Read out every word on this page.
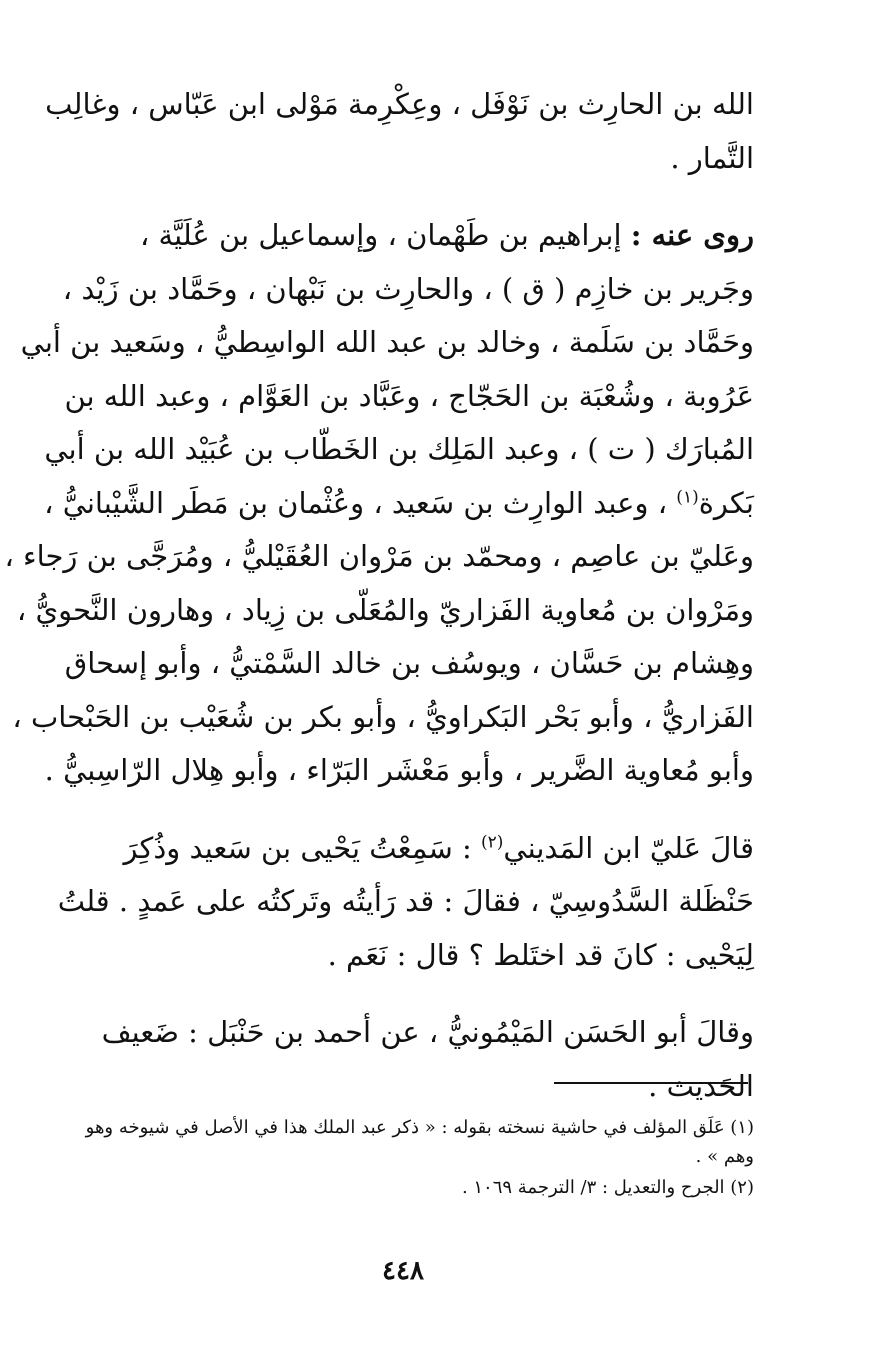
الله بن الحارِث بن نَوْفَل ، وعِكْرِمة مَوْلى ابن عَبّاس ، وغالِب
التَّمار .
روى عنه : إبراهيم بن طَهْمان ، وإسماعيل بن عُلَيَّة ،
وجَرير بن خازِم ( ق ) ، والحارِث بن نَبْهان ، وحَمَّاد بن زَيْد ،
وحَمَّاد بن سَلَمة ، وخالد بن عبد الله الواسِطيُّ ، وسَعيد بن أبي
عَرُوبة ، وشُعْبَة بن الحَجّاج ، وعَبَّاد بن العَوَّام ، وعبد الله بن
المُبارَك ( ت ) ، وعبد المَلِك بن الخَطّاب بن عُبَيْد الله بن أبي
بَكرة$^{(١)}$ ، وعبد الوارِث بن سَعيد ، وعُثْمان بن مَطَر الشَّيْبانيُّ ،
وعَليّ بن عاصِم ، ومحمّد بن مَرْوان العُقَيْليُّ ، ومُرَجَّى بن رَجاء ،
ومَرْوان بن مُعاوية الفَزاريّ والمُعَلّى بن زِياد ، وهارون النَّحويُّ ،
وهِشام بن حَسَّان ، ويوسُف بن خالد السَّمْتيُّ ، وأبو إسحاق
الفَزاريُّ ، وأبو بَحْر البَكراويُّ ، وأبو بكر بن شُعَيْب بن الحَبْحاب ،
وأبو مُعاوية الضَّرير ، وأبو مَعْشَر البَرّاء ، وأبو هِلال الرّاسِبيُّ .
قالَ عَليّ ابن المَديني$^{(٢)}$ : سَمِعْتُ يَحْيى بن سَعيد وذُكِرَ
حَنْظَلة السَّدُوسِيّ ، فقالَ : قد رَأيتُه وتَركتُه على عَمدٍ . قلتُ
لِيَحْيى : كانَ قد اختَلط ؟ قال : نَعَم .
وقالَ أبو الحَسَن المَيْمُونيُّ ، عن أحمد بن حَنْبَل : ضَعيف
الحَديث .
(١) عَلَق المؤلف في حاشية نسخته بقوله : « ذكر عبد الملك هذا في الأصل في شيوخه وهو
وهم » .
(٢) الجرح والتعديل : ٣/ الترجمة ١٠٦٩ .
٤٤٨
